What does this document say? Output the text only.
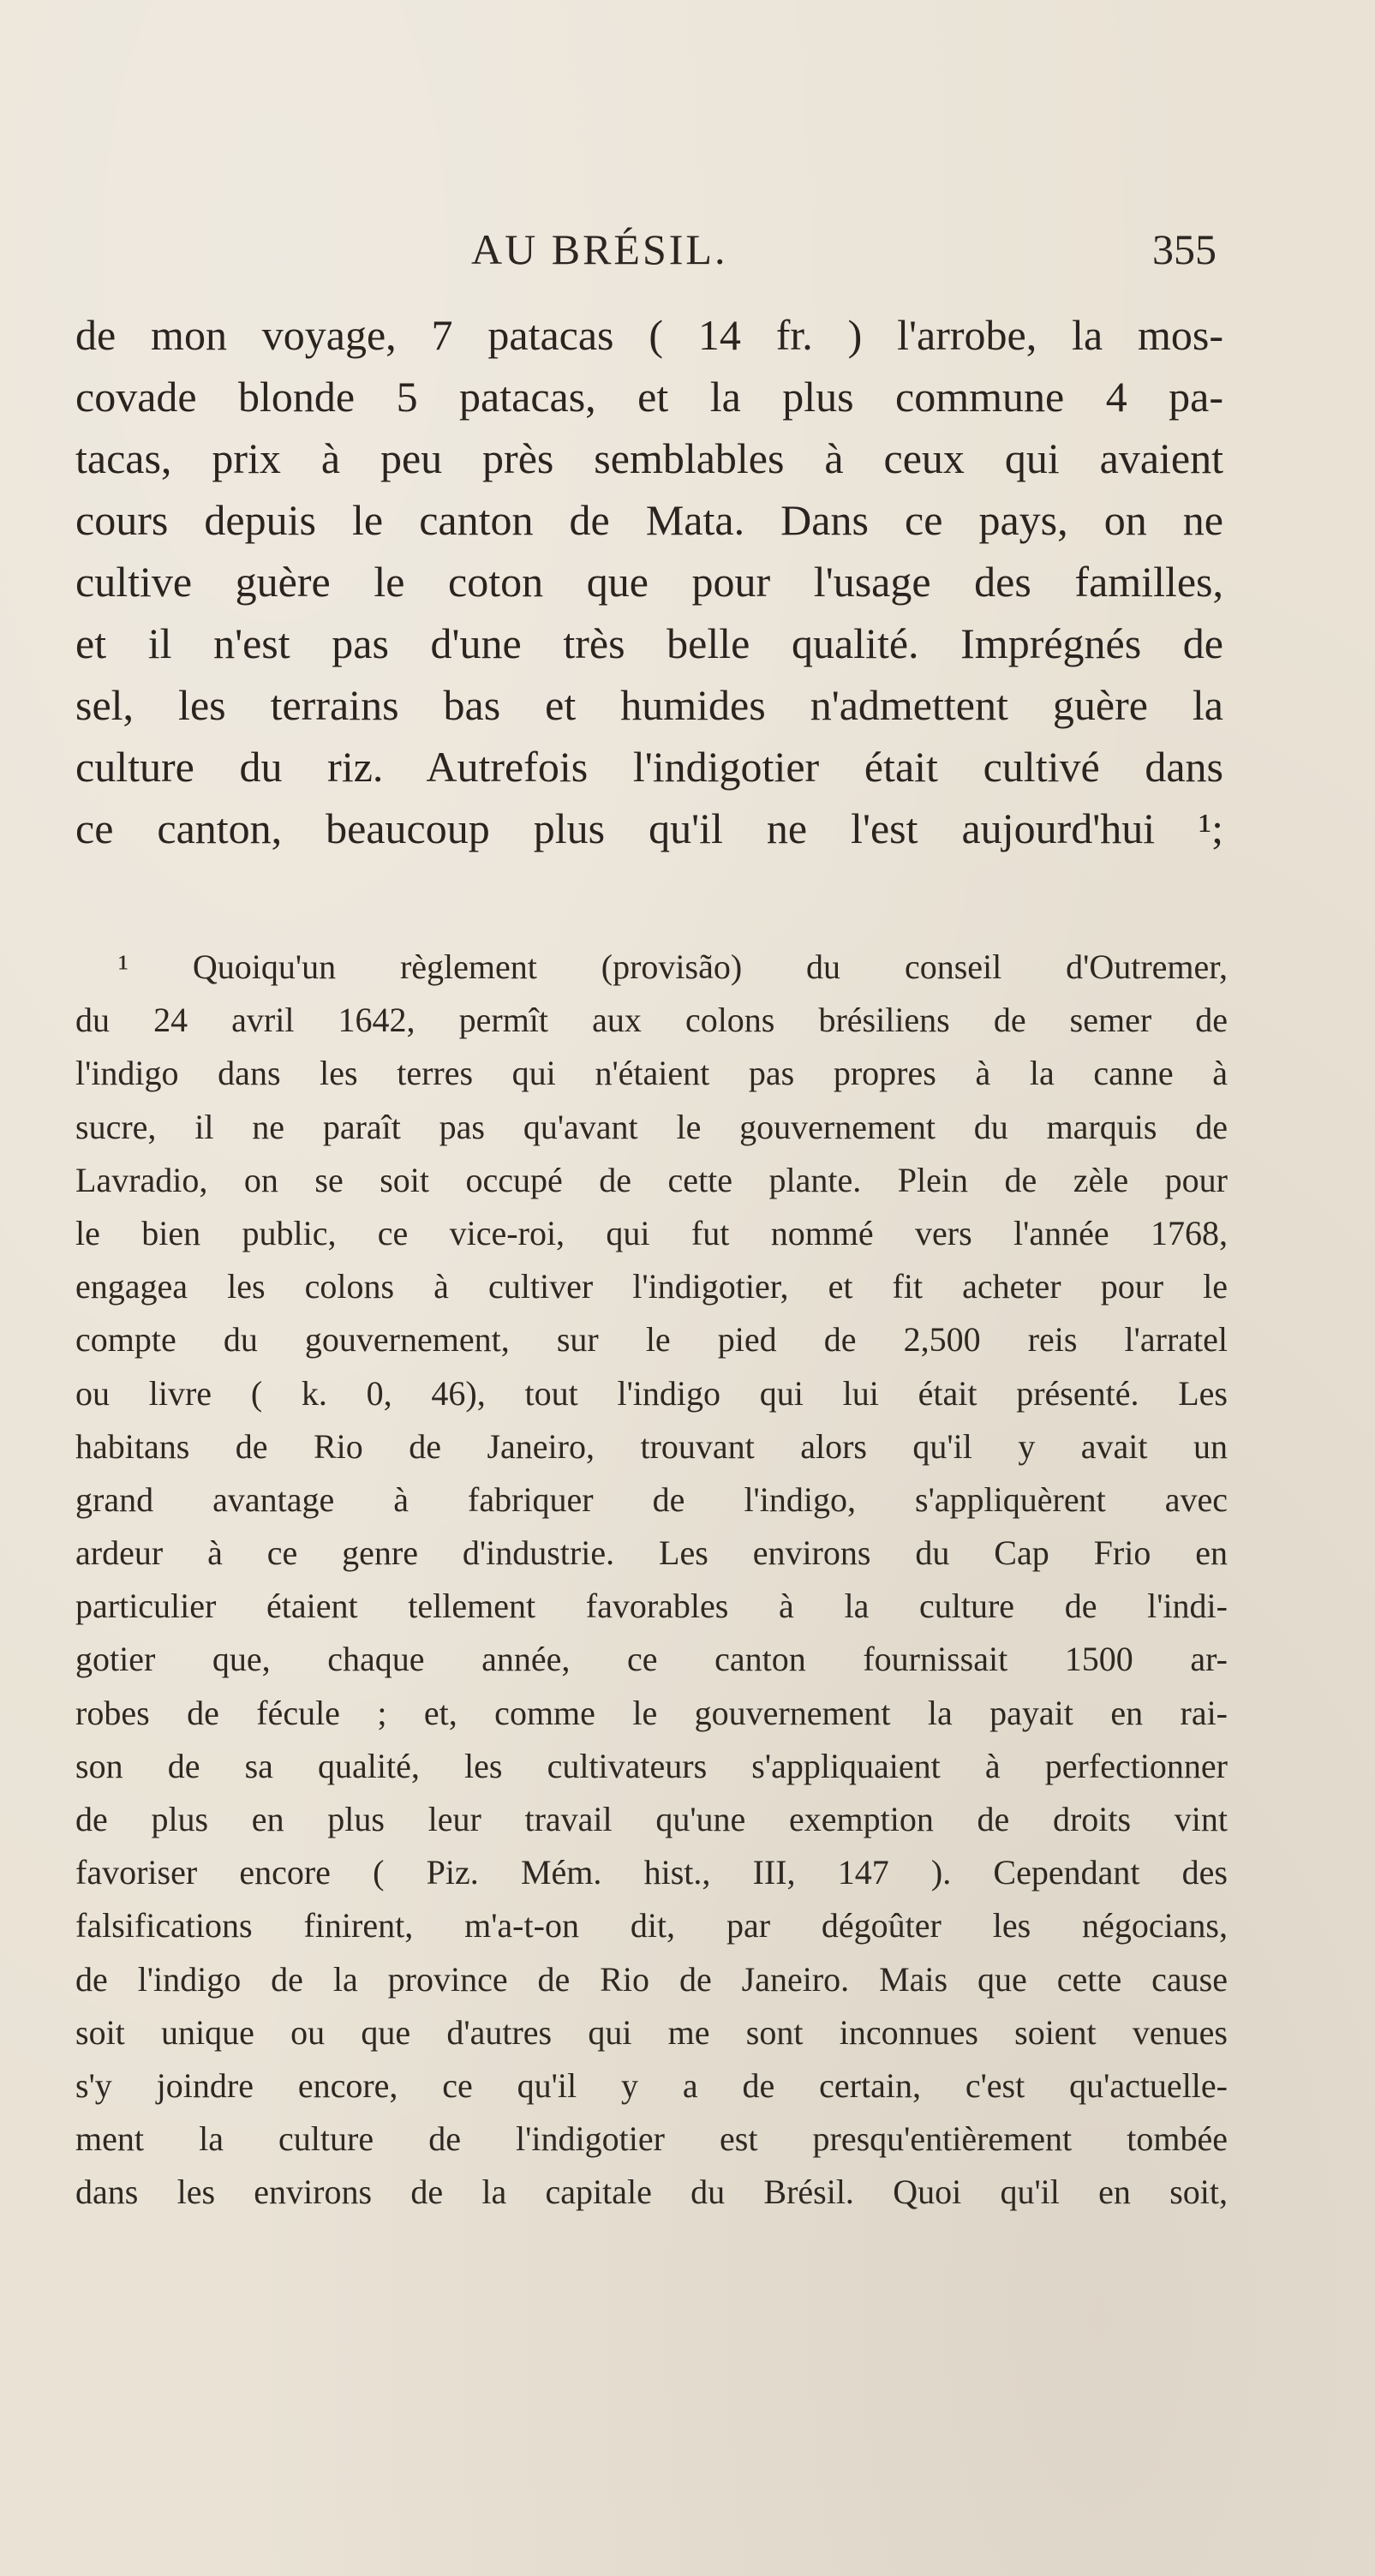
AU BRÉSIL.	355
de mon voyage, 7 patacas ( 14 fr. ) l'arrobe, la mos-
covade blonde 5 patacas, et la plus commune 4 pa-
tacas, prix à peu près semblables à ceux qui avaient
cours depuis le canton de Mata. Dans ce pays, on ne
cultive guère le coton que pour l'usage des familles,
et il n'est pas d'une très belle qualité. Imprégnés de
sel, les terrains bas et humides n'admettent guère la
culture du riz. Autrefois l'indigotier était cultivé dans
ce canton, beaucoup plus qu'il ne l'est aujourd'hui ¹;
¹ Quoiqu'un règlement (provisão) du conseil d'Outremer,
du 24 avril 1642, permît aux colons brésiliens de semer de
l'indigo dans les terres qui n'étaient pas propres à la canne à
sucre, il ne paraît pas qu'avant le gouvernement du marquis de
Lavradio, on se soit occupé de cette plante. Plein de zèle pour
le bien public, ce vice-roi, qui fut nommé vers l'année 1768,
engagea les colons à cultiver l'indigotier, et fit acheter pour le
compte du gouvernement, sur le pied de 2,500 reis l'arratel
ou livre ( k. 0, 46), tout l'indigo qui lui était présenté. Les
habitans de Rio de Janeiro, trouvant alors qu'il y avait un
grand avantage à fabriquer de l'indigo, s'appliquèrent avec
ardeur à ce genre d'industrie. Les environs du Cap Frio en
particulier étaient tellement favorables à la culture de l'indi-
gotier que, chaque année, ce canton fournissait 1500 ar-
robes de fécule ; et, comme le gouvernement la payait en rai-
son de sa qualité, les cultivateurs s'appliquaient à perfectionner
de plus en plus leur travail qu'une exemption de droits vint
favoriser encore ( Piz. Mém. hist., III, 147 ). Cependant des
falsifications finirent, m'a-t-on dit, par dégoûter les négocians,
de l'indigo de la province de Rio de Janeiro. Mais que cette cause
soit unique ou que d'autres qui me sont inconnues soient venues
s'y joindre encore, ce qu'il y a de certain, c'est qu'actuelle-
ment la culture de l'indigotier est presqu'entièrement tombée
dans les environs de la capitale du Brésil. Quoi qu'il en soit,
